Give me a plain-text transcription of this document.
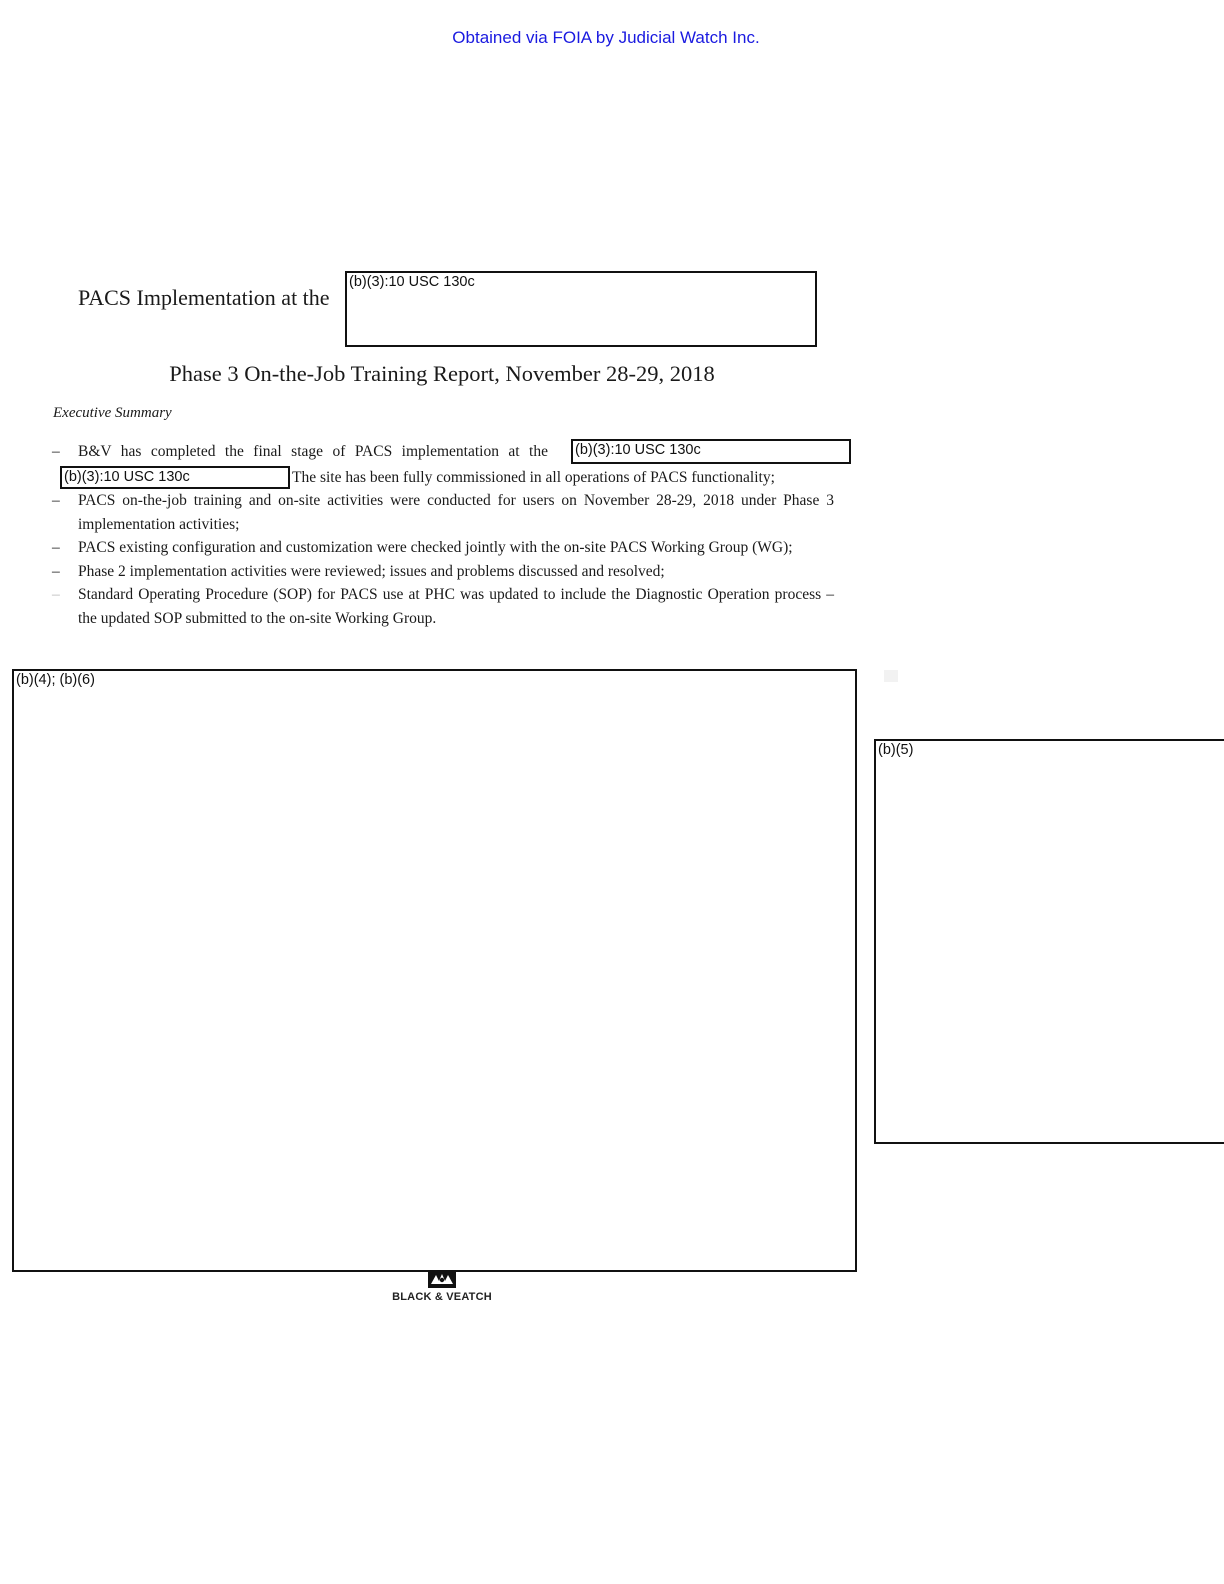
Obtained via FOIA by Judicial Watch Inc.
PACS Implementation at the
(b)(3):10 USC 130c
Phase 3 On-the-Job Training Report, November 28-29, 2018
Executive Summary
– B&V has completed the final stage of PACS implementation at the
The site has been fully commissioned in all operations of PACS functionality;
– PACS on-the-job training and on-site activities were conducted for users on November 28-29, 2018 under Phase 3 implementation activities;
– PACS existing configuration and customization were checked jointly with the on-site PACS Working Group (WG);
– Phase 2 implementation activities were reviewed; issues and problems discussed and resolved;
– Standard Operating Procedure (SOP) for PACS use at PHC was updated to include the Diagnostic Operation process – the updated SOP submitted to the on-site Working Group.
(b)(3):10 USC 130c
(b)(3):10 USC 130c
(b)(4); (b)(6)
(b)(5)
BLACK & VEATCH
